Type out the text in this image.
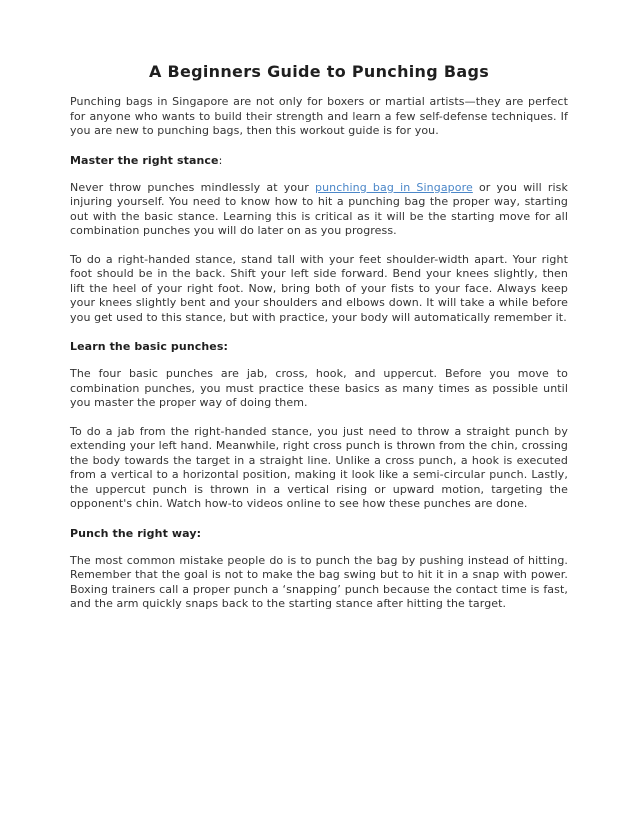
A Beginners Guide to Punching Bags

Punching bags in Singapore are not only for boxers or martial artists—they are perfect for anyone who wants to build their strength and learn a few self-defense techniques. If you are new to punching bags, then this workout guide is for you.

Master the right stance:

Never throw punches mindlessly at your punching bag in Singapore or you will risk injuring yourself. You need to know how to hit a punching bag the proper way, starting out with the basic stance. Learning this is critical as it will be the starting move for all combination punches you will do later on as you progress.

To do a right-handed stance, stand tall with your feet shoulder-width apart. Your right foot should be in the back. Shift your left side forward. Bend your knees slightly, then lift the heel of your right foot. Now, bring both of your fists to your face. Always keep your knees slightly bent and your shoulders and elbows down. It will take a while before you get used to this stance, but with practice, your body will automatically remember it.

Learn the basic punches:

The four basic punches are jab, cross, hook, and uppercut. Before you move to combination punches, you must practice these basics as many times as possible until you master the proper way of doing them.

To do a jab from the right-handed stance, you just need to throw a straight punch by extending your left hand. Meanwhile, right cross punch is thrown from the chin, crossing the body towards the target in a straight line. Unlike a cross punch, a hook is executed from a vertical to a horizontal position, making it look like a semi-circular punch. Lastly, the uppercut punch is thrown in a vertical rising or upward motion, targeting the opponent's chin. Watch how-to videos online to see how these punches are done.

Punch the right way:

The most common mistake people do is to punch the bag by pushing instead of hitting. Remember that the goal is not to make the bag swing but to hit it in a snap with power. Boxing trainers call a proper punch a ‘snapping’ punch because the contact time is fast, and the arm quickly snaps back to the starting stance after hitting the target.
